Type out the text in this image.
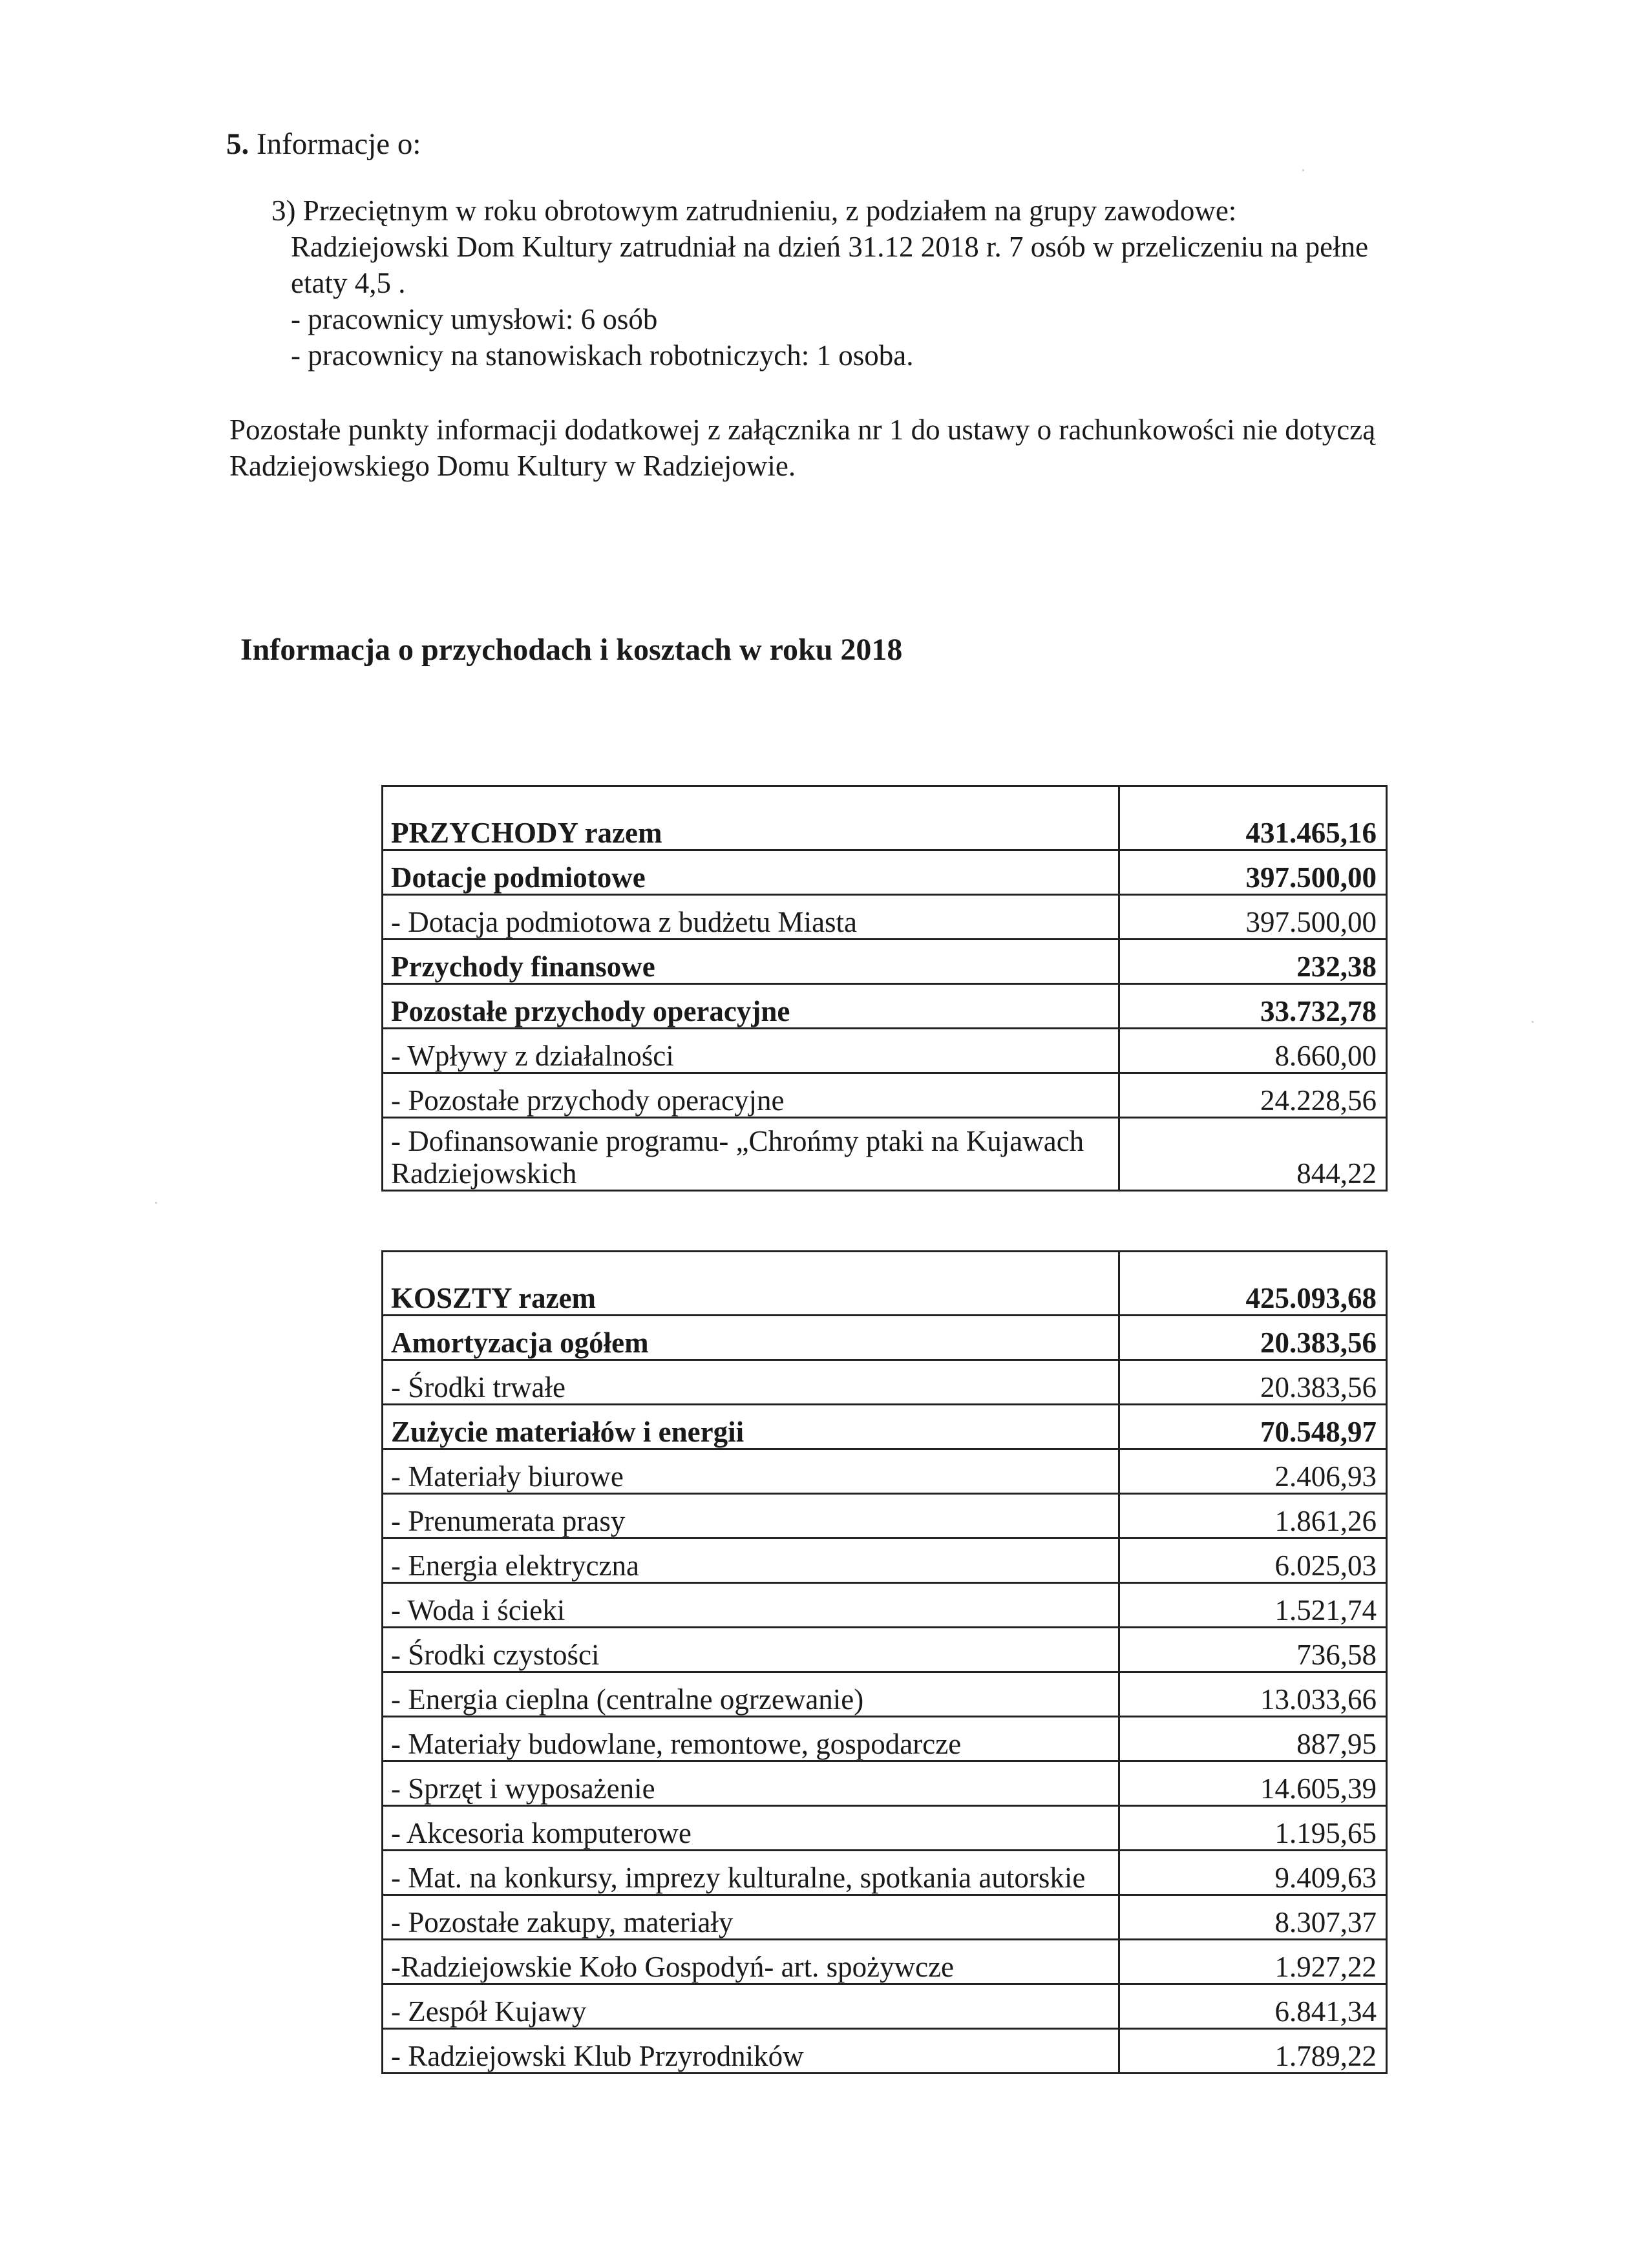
5. Informacje o:
3) Przeciętnym w roku obrotowym zatrudnieniu, z podziałem na grupy zawodowe:
Radziejowski Dom Kultury zatrudniał na dzień 31.12 2018 r. 7 osób w przeliczeniu na pełne
etaty 4,5 .
- pracownicy umysłowi: 6 osób
- pracownicy na stanowiskach robotniczych: 1 osoba.
Pozostałe punkty informacji dodatkowej z załącznika nr 1 do ustawy o rachunkowości nie dotyczą
Radziejowskiego Domu Kultury w Radziejowie.
Informacja o przychodach i kosztach w roku 2018
PRZYCHODY razem	431.465,16
Dotacje podmiotowe	397.500,00
- Dotacja podmiotowa z budżetu Miasta	397.500,00
Przychody finansowe	232,38
Pozostałe przychody operacyjne	33.732,78
- Wpływy z działalności	8.660,00
- Pozostałe przychody operacyjne	24.228,56
- Dofinansowanie programu- „Chrońmy ptaki na Kujawach Radziejowskich	844,22
KOSZTY razem	425.093,68
Amortyzacja ogółem	20.383,56
- Środki trwałe	20.383,56
Zużycie materiałów i energii	70.548,97
- Materiały biurowe	2.406,93
- Prenumerata prasy	1.861,26
- Energia elektryczna	6.025,03
- Woda i ścieki	1.521,74
- Środki czystości	736,58
- Energia cieplna (centralne ogrzewanie)	13.033,66
- Materiały budowlane, remontowe, gospodarcze	887,95
- Sprzęt i wyposażenie	14.605,39
- Akcesoria komputerowe	1.195,65
- Mat. na konkursy, imprezy kulturalne, spotkania autorskie	9.409,63
- Pozostałe zakupy, materiały	8.307,37
-Radziejowskie Koło Gospodyń- art. spożywcze	1.927,22
- Zespół Kujawy	6.841,34
- Radziejowski Klub Przyrodników	1.789,22
